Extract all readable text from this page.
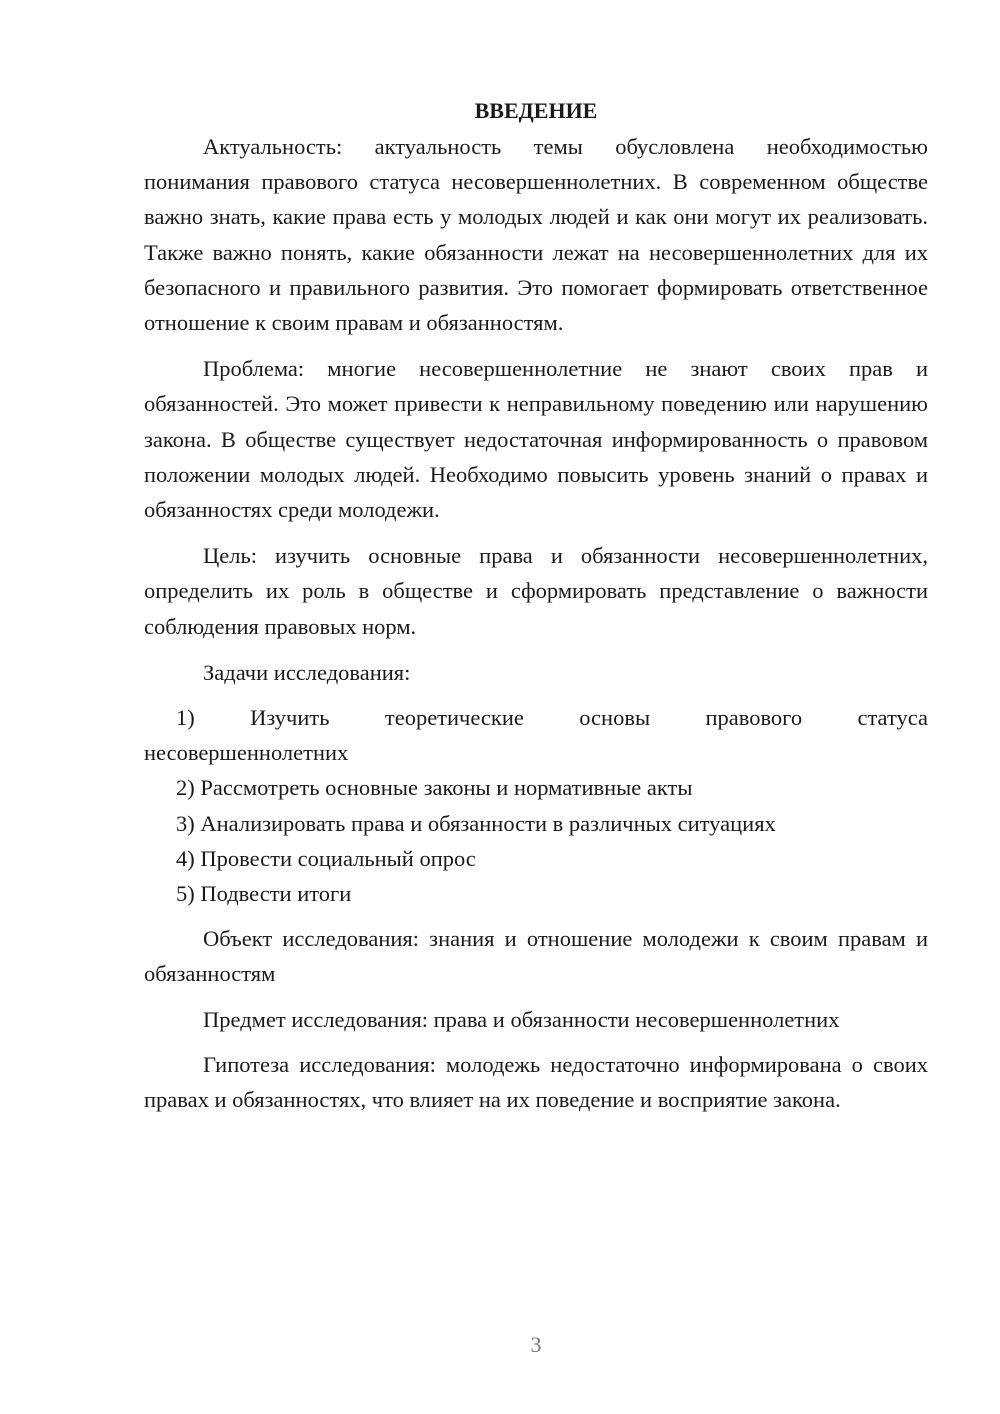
ВВЕДЕНИЕ

Актуальность: актуальность темы обусловлена необходимостью понимания правового статуса несовершеннолетних. В современном обществе важно знать, какие права есть у молодых людей и как они могут их реализовать. Также важно понять, какие обязанности лежат на несовершеннолетних для их безопасного и правильного развития. Это помогает формировать ответственное отношение к своим правам и обязанностям.

Проблема: многие несовершеннолетние не знают своих прав и обязанностей. Это может привести к неправильному поведению или нарушению закона. В обществе существует недостаточная информированность о правовом положении молодых людей. Необходимо повысить уровень знаний о правах и обязанностях среди молодежи.

Цель: изучить основные права и обязанности несовершеннолетних, определить их роль в обществе и сформировать представление о важности соблюдения правовых норм.

Задачи исследования:

1) Изучить теоретические основы правового статуса

несовершеннолетних

2) Рассмотреть основные законы и нормативные акты

3) Анализировать права и обязанности в различных ситуациях

4) Провести социальный опрос

5) Подвести итоги

Объект исследования: знания и отношение молодежи к своим правам и обязанностям

Предмет исследования: права и обязанности несовершеннолетних

Гипотеза исследования: молодежь недостаточно информирована о своих правах и обязанностях, что влияет на их поведение и восприятие закона.

3
